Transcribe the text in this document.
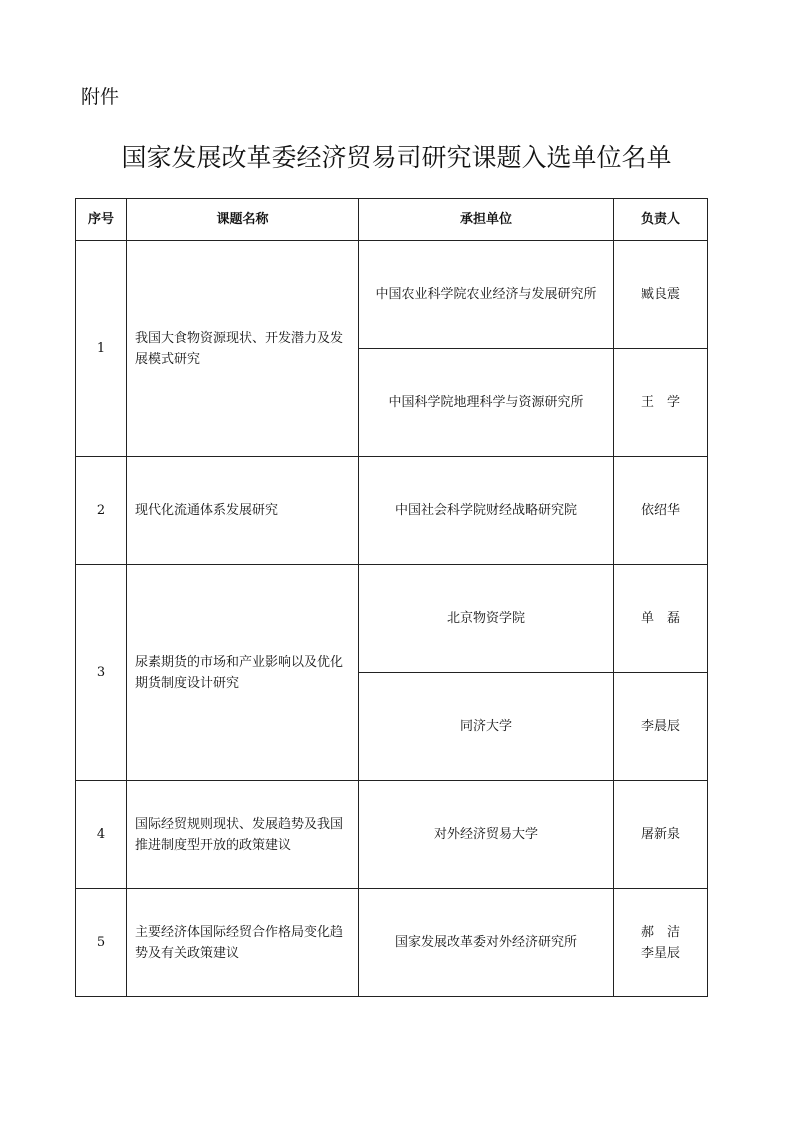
附件
国家发展改革委经济贸易司研究课题入选单位名单
序号	课题名称	承担单位	负责人
1	我国大食物资源现状、开发潜力及发展模式研究	中国农业科学院农业经济与发展研究所	臧良震
		中国科学院地理科学与资源研究所	王　学
2	现代化流通体系发展研究	中国社会科学院财经战略研究院	依绍华
3	尿素期货的市场和产业影响以及优化期货制度设计研究	北京物资学院	单　磊
		同济大学	李晨辰
4	国际经贸规则现状、发展趋势及我国推进制度型开放的政策建议	对外经济贸易大学	屠新泉
5	主要经济体国际经贸合作格局变化趋势及有关政策建议	国家发展改革委对外经济研究所	郝　洁
李星辰
